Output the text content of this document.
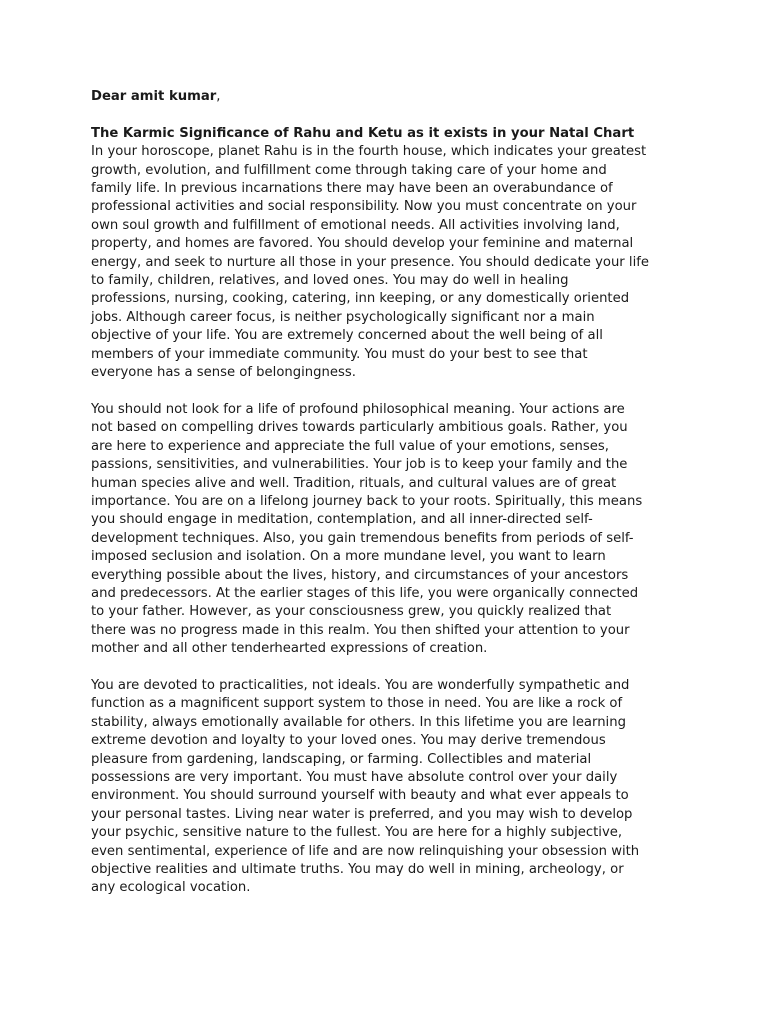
Dear amit kumar,

The Karmic Significance of Rahu and Ketu as it exists in your Natal Chart

In your horoscope, planet Rahu is in the fourth house, which indicates your greatest
growth, evolution, and fulfillment come through taking care of your home and
family life. In previous incarnations there may have been an overabundance of
professional activities and social responsibility. Now you must concentrate on your
own soul growth and fulfillment of emotional needs. All activities involving land,
property, and homes are favored. You should develop your feminine and maternal
energy, and seek to nurture all those in your presence. You should dedicate your life
to family, children, relatives, and loved ones. You may do well in healing
professions, nursing, cooking, catering, inn keeping, or any domestically oriented
jobs. Although career focus, is neither psychologically significant nor a main
objective of your life. You are extremely concerned about the well being of all
members of your immediate community. You must do your best to see that
everyone has a sense of belongingness.

You should not look for a life of profound philosophical meaning. Your actions are
not based on compelling drives towards particularly ambitious goals. Rather, you
are here to experience and appreciate the full value of your emotions, senses,
passions, sensitivities, and vulnerabilities. Your job is to keep your family and the
human species alive and well. Tradition, rituals, and cultural values are of great
importance. You are on a lifelong journey back to your roots. Spiritually, this means
you should engage in meditation, contemplation, and all inner-directed self-
development techniques. Also, you gain tremendous benefits from periods of self-
imposed seclusion and isolation. On a more mundane level, you want to learn
everything possible about the lives, history, and circumstances of your ancestors
and predecessors. At the earlier stages of this life, you were organically connected
to your father. However, as your consciousness grew, you quickly realized that
there was no progress made in this realm. You then shifted your attention to your
mother and all other tenderhearted expressions of creation.

You are devoted to practicalities, not ideals. You are wonderfully sympathetic and
function as a magnificent support system to those in need. You are like a rock of
stability, always emotionally available for others. In this lifetime you are learning
extreme devotion and loyalty to your loved ones. You may derive tremendous
pleasure from gardening, landscaping, or farming. Collectibles and material
possessions are very important. You must have absolute control over your daily
environment. You should surround yourself with beauty and what ever appeals to
your personal tastes. Living near water is preferred, and you may wish to develop
your psychic, sensitive nature to the fullest. You are here for a highly subjective,
even sentimental, experience of life and are now relinquishing your obsession with
objective realities and ultimate truths. You may do well in mining, archeology, or
any ecological vocation.
